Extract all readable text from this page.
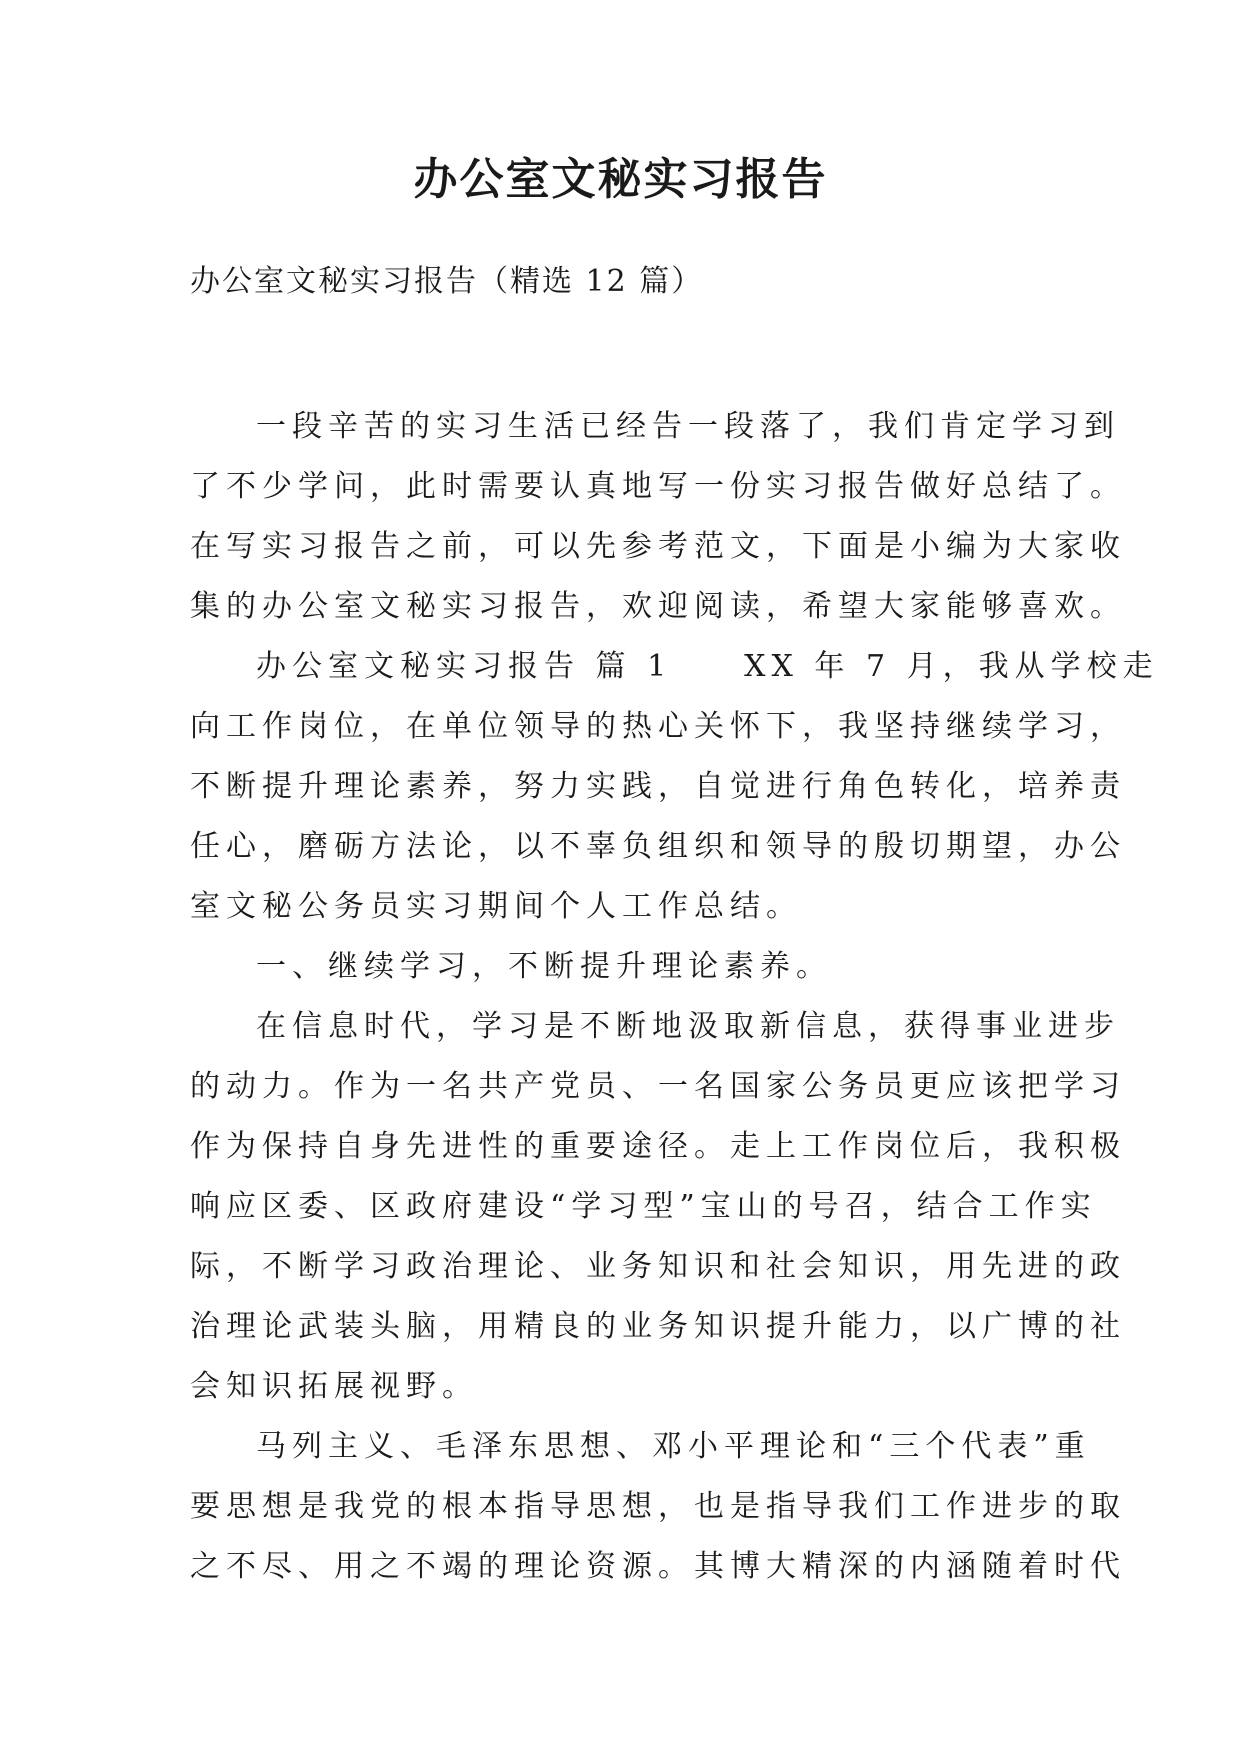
办公室文秘实习报告

办公室文秘实习报告（精选 12 篇）

一段辛苦的实习生活已经告一段落了，我们肯定学习到
了不少学问，此时需要认真地写一份实习报告做好总结了。
在写实习报告之前，可以先参考范文，下面是小编为大家收
集的办公室文秘实习报告，欢迎阅读，希望大家能够喜欢。
办公室文秘实习报告 篇 1　　XX 年 7 月，我从学校走
向工作岗位，在单位领导的热心关怀下，我坚持继续学习，
不断提升理论素养，努力实践，自觉进行角色转化，培养责
任心，磨砺方法论，以不辜负组织和领导的殷切期望，办公
室文秘公务员实习期间个人工作总结。
一、继续学习，不断提升理论素养。
在信息时代，学习是不断地汲取新信息，获得事业进步
的动力。作为一名共产党员、一名国家公务员更应该把学习
作为保持自身先进性的重要途径。走上工作岗位后，我积极
响应区委、区政府建设“学习型”宝山的号召，结合工作实
际，不断学习政治理论、业务知识和社会知识，用先进的政
治理论武装头脑，用精良的业务知识提升能力，以广博的社
会知识拓展视野。
马列主义、毛泽东思想、邓小平理论和“三个代表”重
要思想是我党的根本指导思想，也是指导我们工作进步的取
之不尽、用之不竭的理论资源。其博大精深的内涵随着时代
